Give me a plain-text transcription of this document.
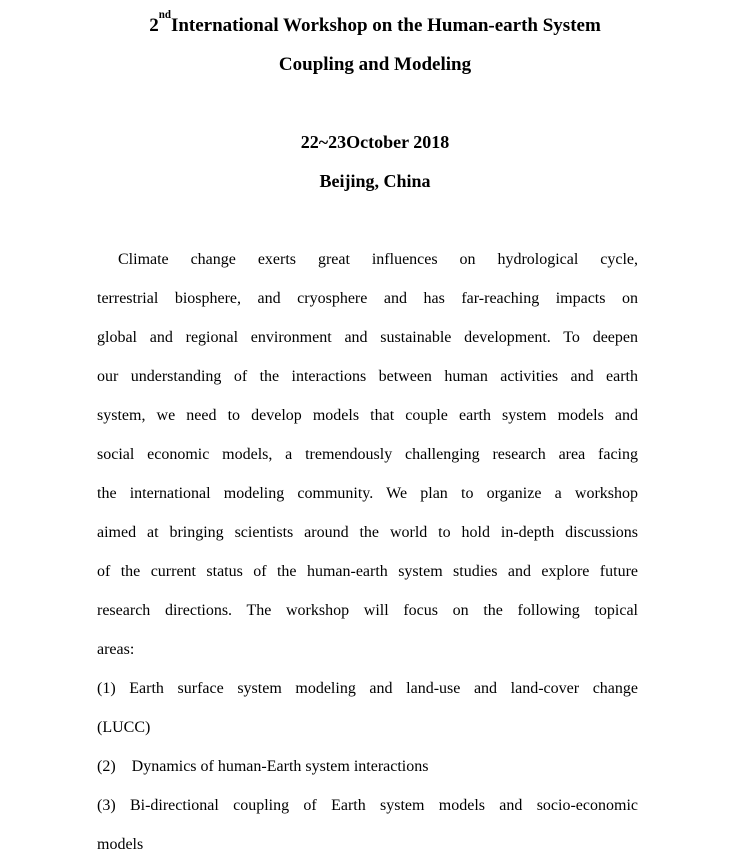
2ndInternational Workshop on the Human-earth System
Coupling and Modeling
22~23October 2018
Beijing, China
Climate change exerts great influences on hydrological cycle,
terrestrial biosphere, and cryosphere and has far-reaching impacts on
global and regional environment and sustainable development. To deepen
our understanding of the interactions between human activities and earth
system, we need to develop models that couple earth system models and
social economic models, a tremendously challenging research area facing
the international modeling community. We plan to organize a workshop
aimed at bringing scientists around the world to hold in-depth discussions
of the current status of the human-earth system studies and explore future
research directions. The workshop will focus on the following topical
areas:
(1) Earth surface system modeling and land-use and land-cover change
(LUCC)
(2)    Dynamics of human-Earth system interactions
(3) Bi-directional coupling of Earth system models and socio-economic
models
